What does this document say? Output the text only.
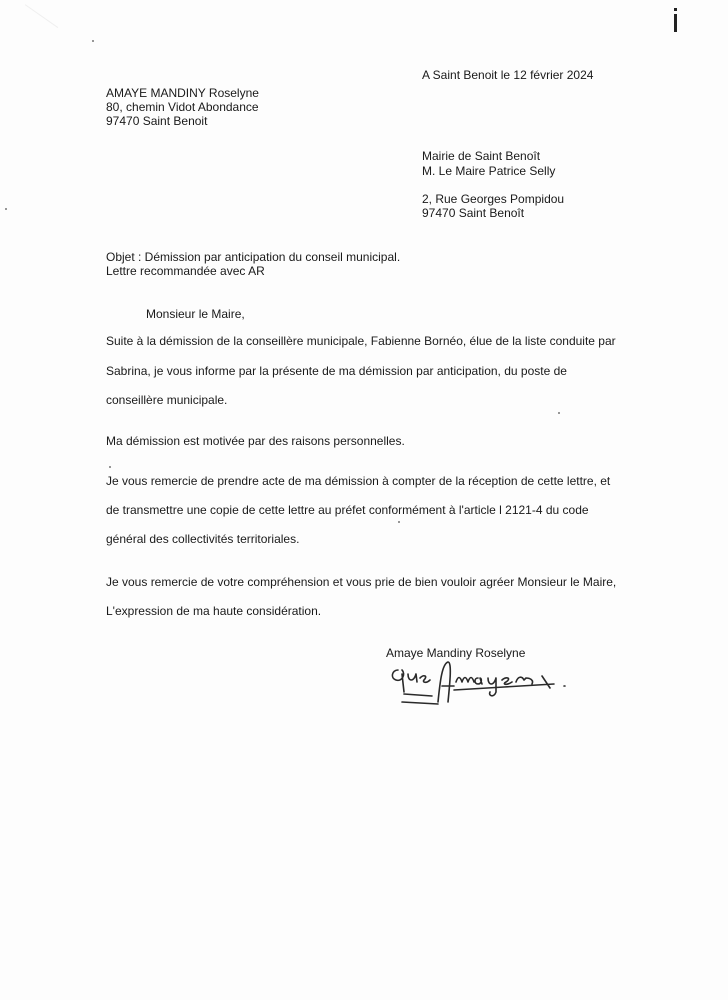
A Saint Benoit le 12 février 2024
AMAYE MANDINY Roselyne
80, chemin Vidot Abondance
97470 Saint Benoit
Mairie de Saint Benoît
M. Le Maire Patrice Selly
2, Rue Georges Pompidou
97470 Saint Benoît
Objet : Démission par anticipation du conseil municipal.
Lettre recommandée avec AR
Monsieur le Maire,
Suite à la démission de la conseillère municipale, Fabienne Bornéo, élue de la liste conduite par
Sabrina, je vous informe par la présente de ma démission par anticipation, du poste de
conseillère municipale.
Ma démission est motivée par des raisons personnelles.
Je vous remercie de prendre acte de ma démission à compter de la réception de cette lettre, et
de transmettre une copie de cette lettre au préfet conformément à l'article l 2121-4 du code
général des collectivités territoriales.
Je vous remercie de votre compréhension et vous prie de bien vouloir agréer Monsieur le Maire,
L'expression de ma haute considération.
Amaye Mandiny Roselyne
